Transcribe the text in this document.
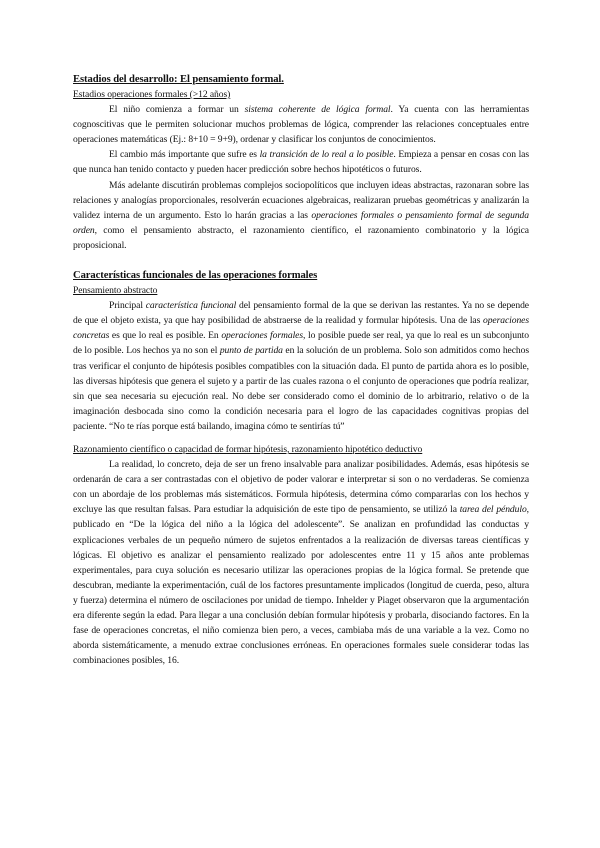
Estadios del desarrollo: El pensamiento formal.
Estadios operaciones formales (>12 años)

El niño comienza a formar un sistema coherente de lógica formal. Ya cuenta con las herramientas cognoscitivas que le permiten solucionar muchos problemas de lógica, comprender las relaciones conceptuales entre operaciones matemáticas (Ej.: 8+10 = 9+9), ordenar y clasificar los conjuntos de conocimientos.

El cambio más importante que sufre es la transición de lo real a lo posible. Empieza a pensar en cosas con las que nunca han tenido contacto y pueden hacer predicción sobre hechos hipotéticos o futuros.

Más adelante discutirán problemas complejos sociopolíticos que incluyen ideas abstractas, razonaran sobre las relaciones y analogías proporcionales, resolverán ecuaciones algebraicas, realizaran pruebas geométricas y analizarán la validez interna de un argumento. Esto lo harán gracias a las operaciones formales o pensamiento formal de segunda orden, como el pensamiento abstracto, el razonamiento científico, el razonamiento combinatorio y la lógica proposicional.

Características funcionales de las operaciones formales
Pensamiento abstracto

Principal característica funcional del pensamiento formal de la que se derivan las restantes. Ya no se depende de que el objeto exista, ya que hay posibilidad de abstraerse de la realidad y formular hipótesis. Una de las operaciones concretas es que lo real es posible. En operaciones formales, lo posible puede ser real, ya que lo real es un subconjunto de lo posible. Los hechos ya no son el punto de partida en la solución de un problema. Solo son admitidos como hechos tras verificar el conjunto de hipótesis posibles compatibles con la situación dada. El punto de partida ahora es lo posible, las diversas hipótesis que genera el sujeto y a partir de las cuales razona o el conjunto de operaciones que podría realizar, sin que sea necesaria su ejecución real. No debe ser considerado como el dominio de lo arbitrario, relativo o de la imaginación desbocada sino como la condición necesaria para el logro de las capacidades cognitivas propias del paciente. “No te rías porque está bailando, imagina cómo te sentirías tú”

Razonamiento científico o capacidad de formar hipótesis, razonamiento hipotético deductivo

La realidad, lo concreto, deja de ser un freno insalvable para analizar posibilidades. Además, esas hipótesis se ordenarán de cara a ser contrastadas con el objetivo de poder valorar e interpretar si son o no verdaderas. Se comienza con un abordaje de los problemas más sistemáticos. Formula hipótesis, determina cómo compararlas con los hechos y excluye las que resultan falsas. Para estudiar la adquisición de este tipo de pensamiento, se utilizó la tarea del péndulo, publicado en “De la lógica del niño a la lógica del adolescente”. Se analizan en profundidad las conductas y explicaciones verbales de un pequeño número de sujetos enfrentados a la realización de diversas tareas científicas y lógicas. El objetivo es analizar el pensamiento realizado por adolescentes entre 11 y 15 años ante problemas experimentales, para cuya solución es necesario utilizar las operaciones propias de la lógica formal. Se pretende que descubran, mediante la experimentación, cuál de los factores presuntamente implicados (longitud de cuerda, peso, altura y fuerza) determina el número de oscilaciones por unidad de tiempo. Inhelder y Piaget observaron que la argumentación era diferente según la edad. Para llegar a una conclusión debían formular hipótesis y probarla, disociando factores. En la fase de operaciones concretas, el niño comienza bien pero, a veces, cambiaba más de una variable a la vez. Como no aborda sistemáticamente, a menudo extrae conclusiones erróneas. En operaciones formales suele considerar todas las combinaciones posibles, 16.
